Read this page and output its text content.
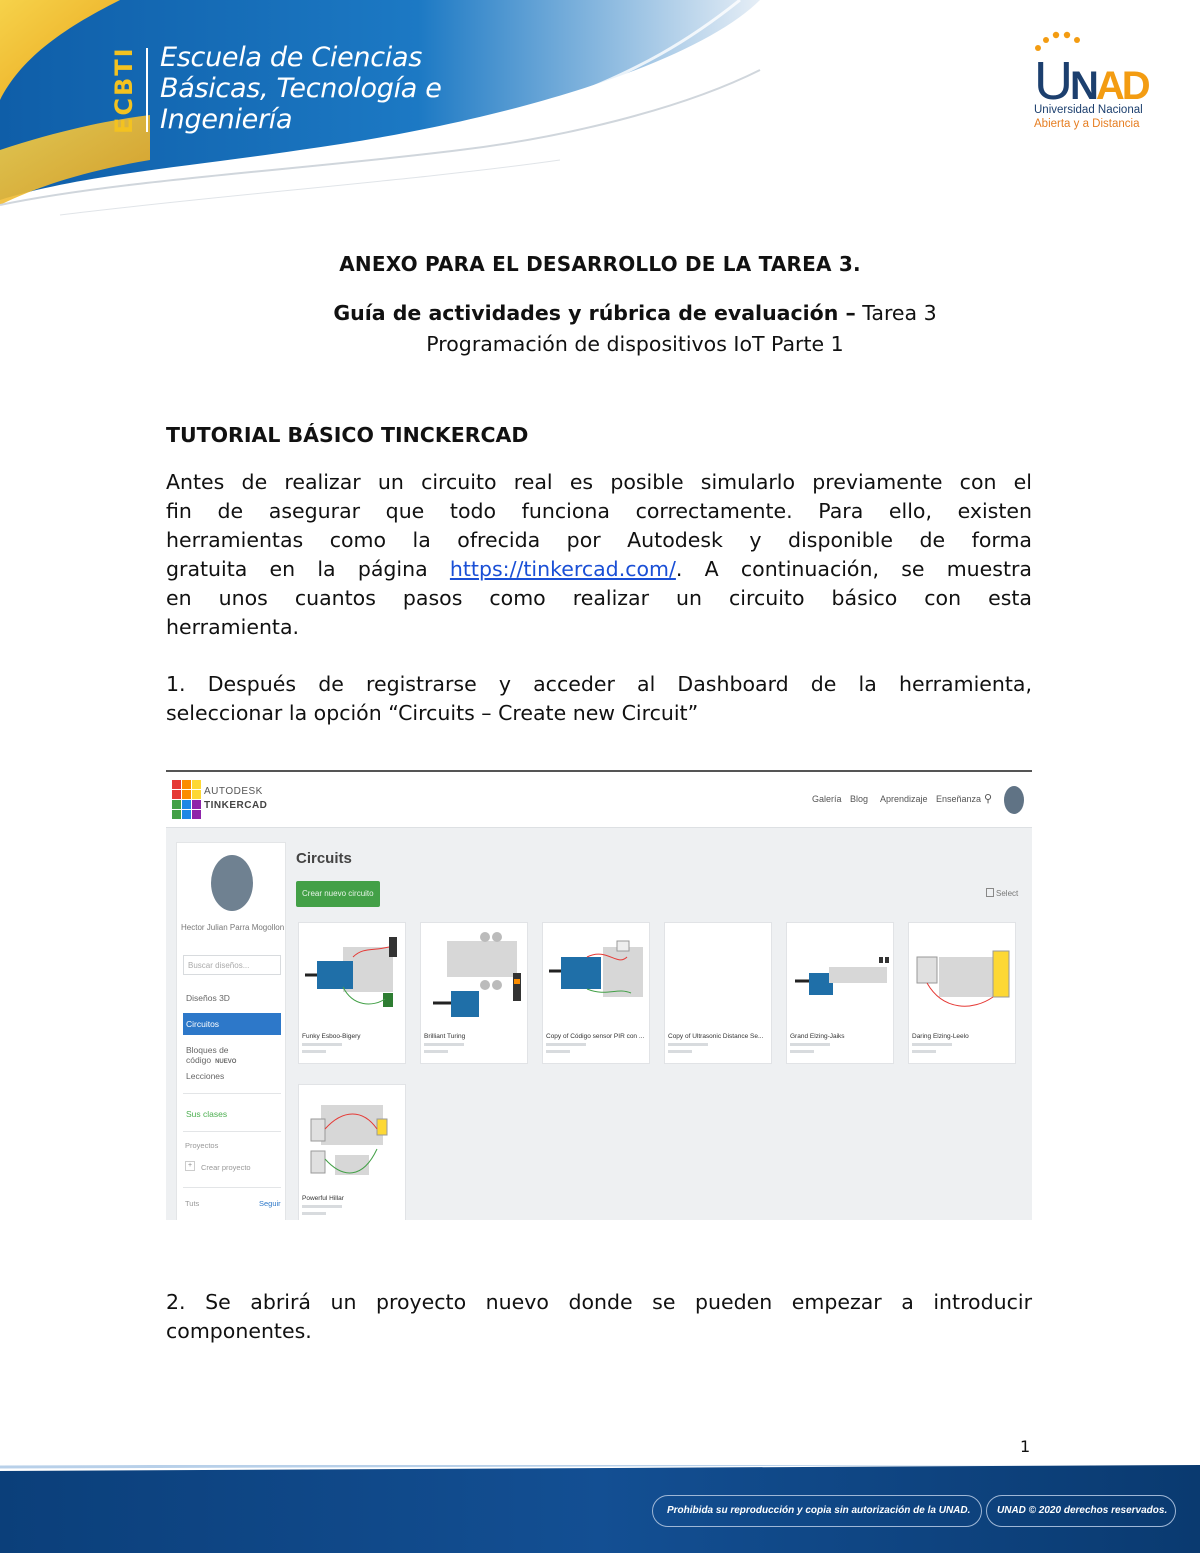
ECBTI Escuela de Ciencias
Básicas, Tecnología e
Ingeniería
UNAD
Universidad Nacional
Abierta y a Distancia
ANEXO PARA EL DESARROLLO DE LA TAREA 3.
Guía de actividades y rúbrica de evaluación – Tarea 3
Programación de dispositivos IoT Parte 1
TUTORIAL BÁSICO TINCKERCAD
Antes de realizar un circuito real es posible simularlo previamente con el
fin de asegurar que todo funciona correctamente. Para ello, existen
herramientas como la ofrecida por Autodesk y disponible de forma
gratuita en la página https://tinkercad.com/. A continuación, se muestra
en unos cuantos pasos como realizar un circuito básico con esta
herramienta.
1. Después de registrarse y acceder al Dashboard de la herramienta,
seleccionar la opción “Circuits – Create new Circuit”
AUTODESK
TINKERCAD
Galería Blog Aprendizaje Enseñanza ⚲
Hector Julian Parra Mogollon
Buscar diseños...
Diseños 3D
Circuitos
Bloques de código NUEVO
Lecciones
Sus clases
Proyectos
+	Crear proyecto
Tuts	Seguir
Circuits
Crear nuevo circuito	Select
Funky Esboo-Bigery	Brilliant Turing	Copy of Código sensor PIR con ...	Copy of Ultrasonic Distance Se...	Grand Elzing-Jaiks	Daring Elzing-Leelo
Powerful Hillar
2. Se abrirá un proyecto nuevo donde se pueden empezar a introducir
componentes.
1
Prohibida su reproducción y copia sin autorización de la UNAD.	UNAD © 2020 derechos reservados.
